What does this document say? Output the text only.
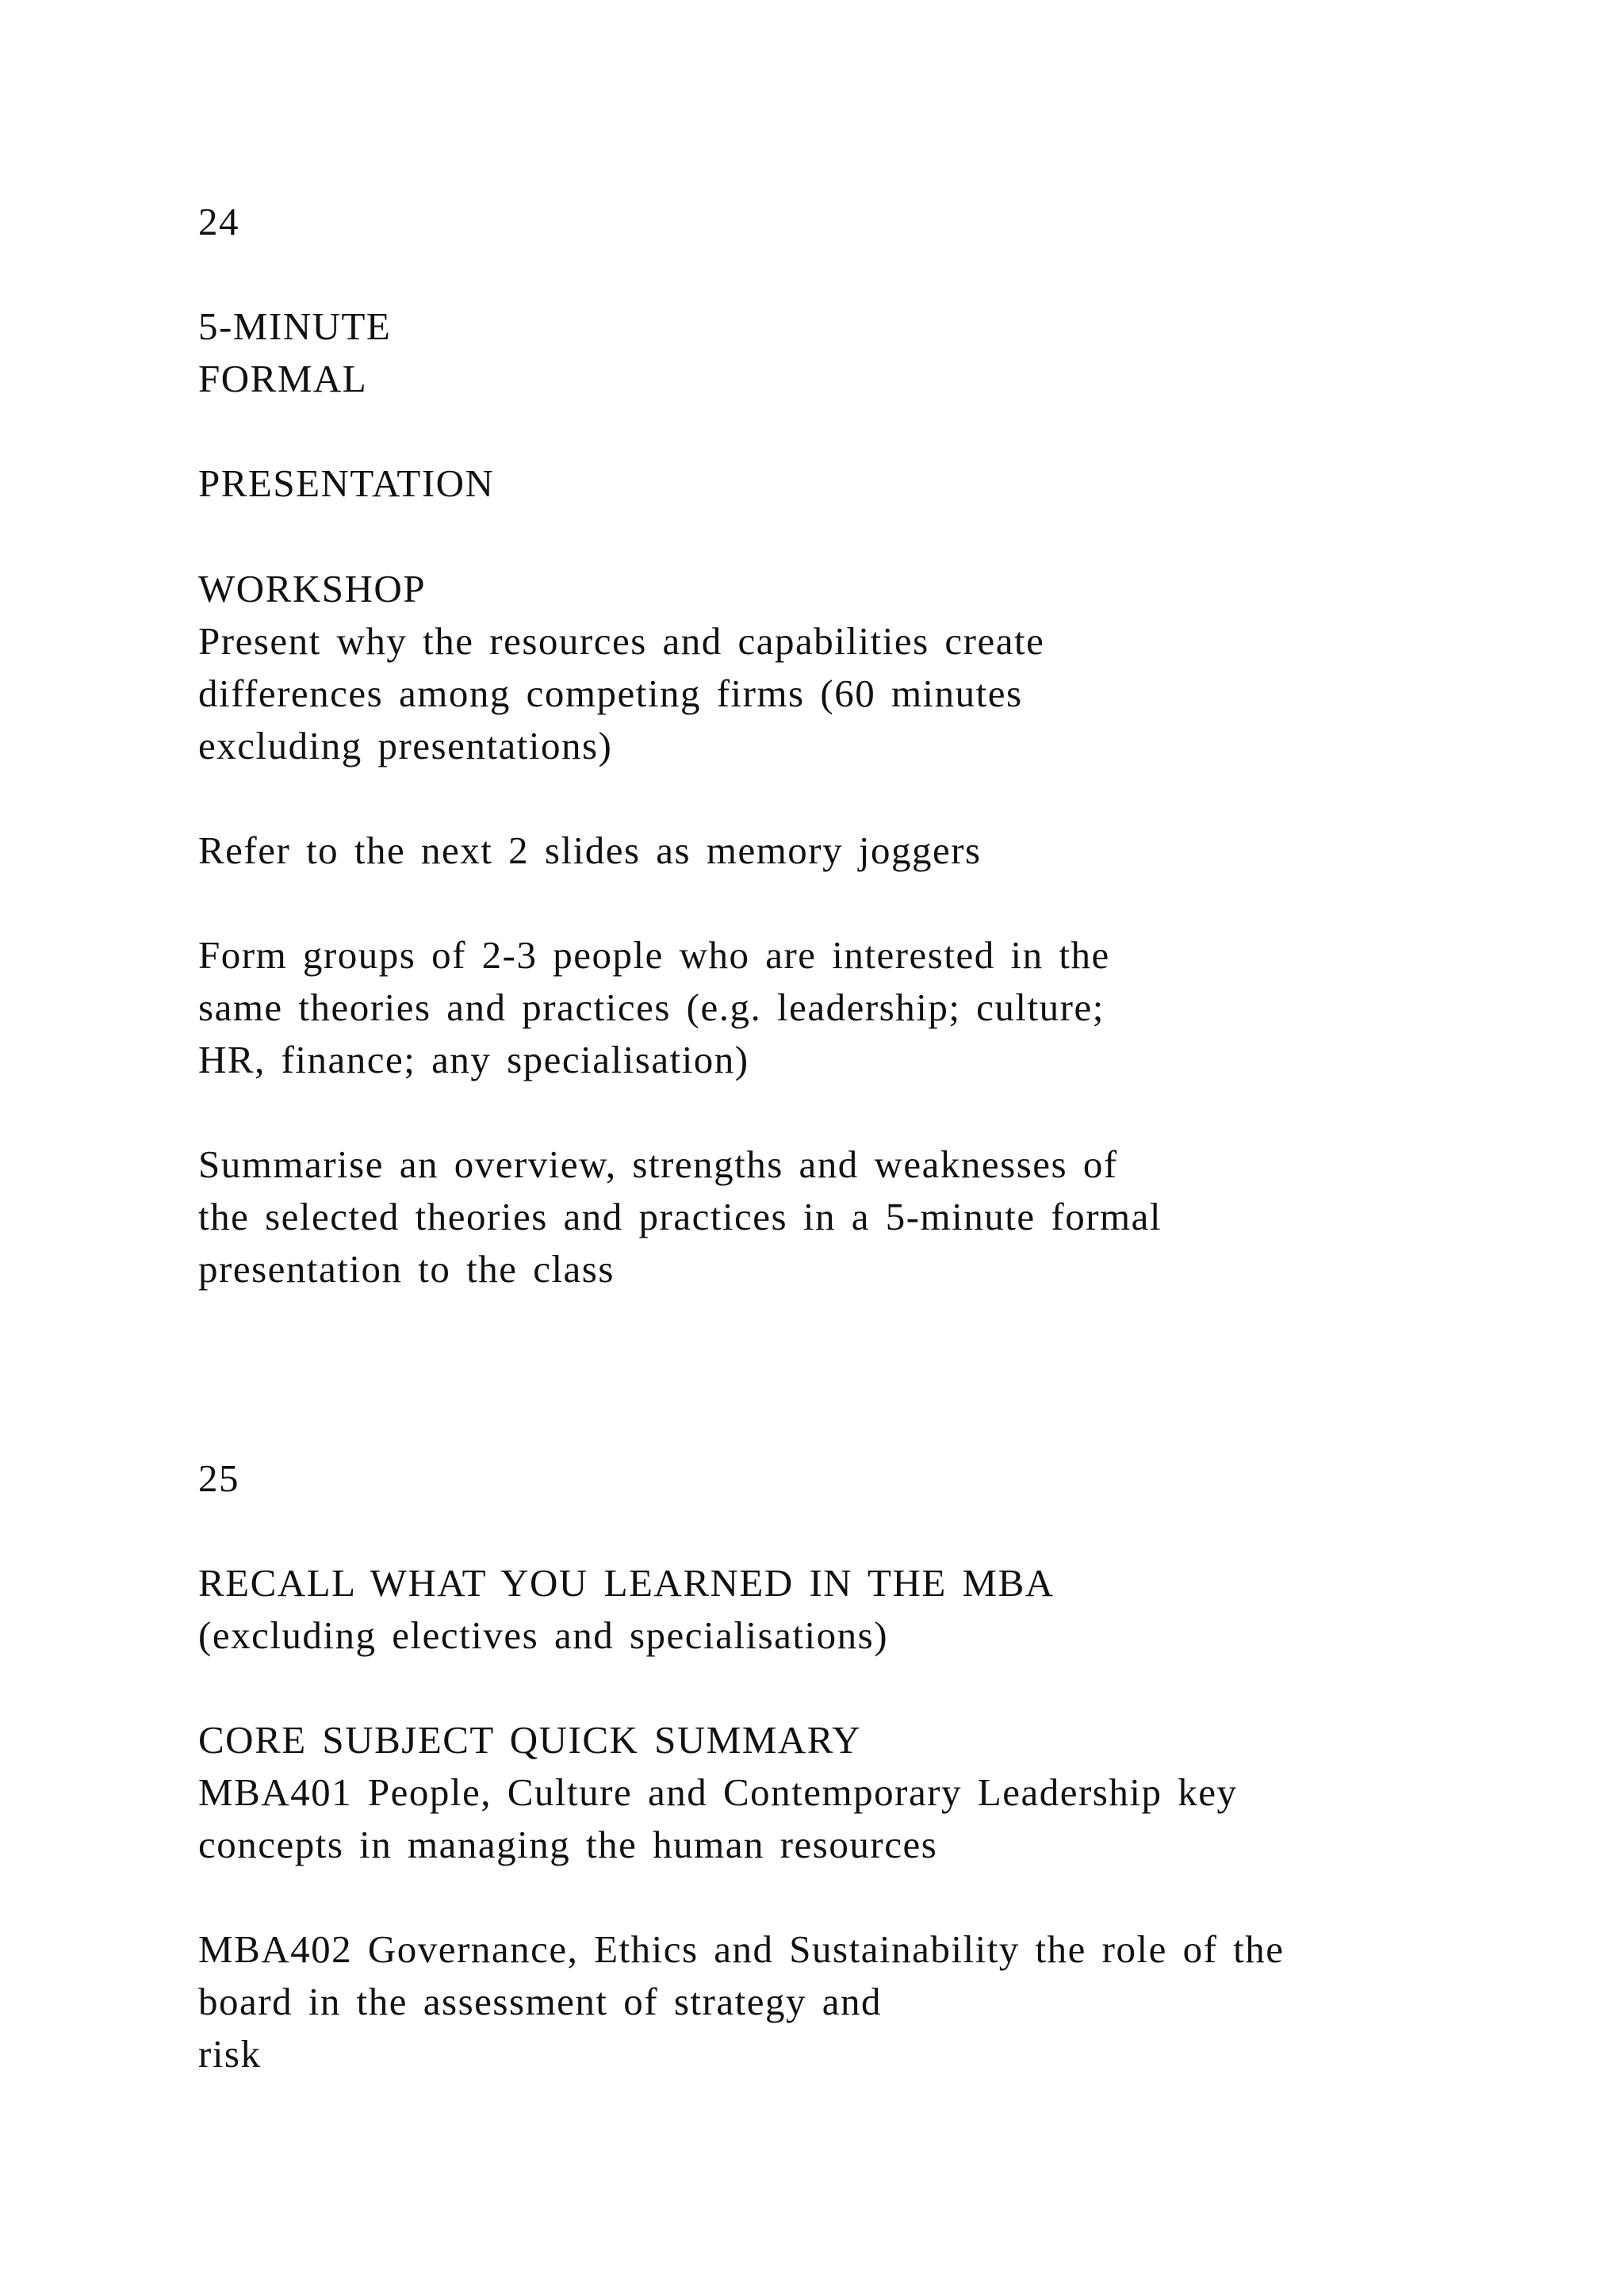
24
5-MINUTE
FORMAL
PRESENTATION
WORKSHOP
Present why the resources and capabilities create
differences among competing firms (60 minutes
excluding presentations)
Refer to the next 2 slides as memory joggers
Form groups of 2-3 people who are interested in the
same theories and practices (e.g. leadership; culture;
HR, finance; any specialisation)
Summarise an overview, strengths and weaknesses of
the selected theories and practices in a 5-minute formal
presentation to the class
25
RECALL WHAT YOU LEARNED IN THE MBA
(excluding electives and specialisations)
CORE SUBJECT QUICK SUMMARY
MBA401 People, Culture and Contemporary Leadership key
concepts in managing the human resources
MBA402 Governance, Ethics and Sustainability the role of the
board in the assessment of strategy and
risk
